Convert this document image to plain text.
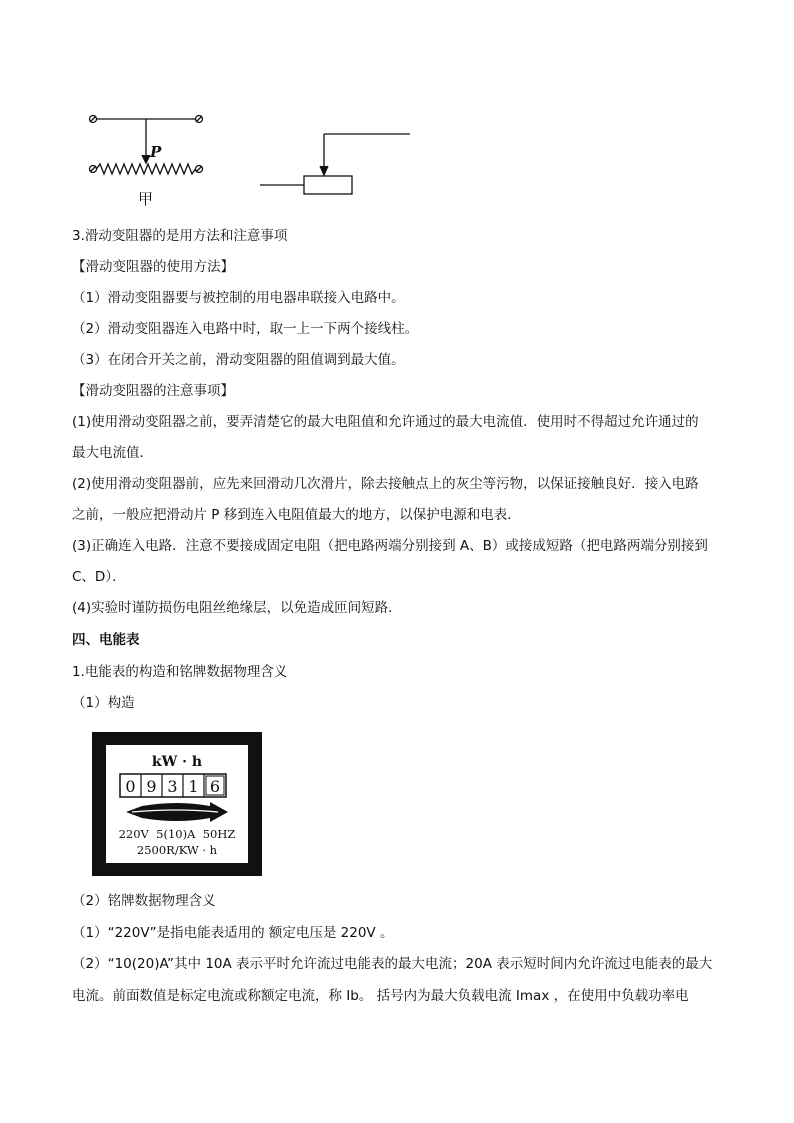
P
甲
3.滑动变阻器的是用方法和注意事项
【滑动变阻器的使用方法】
（1）滑动变阻器要与被控制的用电器串联接入电路中。
（2）滑动变阻器连入电路中时，取一上一下两个接线柱。
（3）在闭合开关之前，滑动变阻器的阻值调到最大值。
【滑动变阻器的注意事项】
(1)使用滑动变阻器之前，要弄清楚它的最大电阻值和允许通过的最大电流值．使用时不得超过允许通过的
最大电流值．
(2)使用滑动变阻器前，应先来回滑动几次滑片，除去接触点上的灰尘等污物，以保证接触良好．接入电路
之前，一般应把滑动片 P 移到连入电阻值最大的地方，以保护电源和电表．
(3)正确连入电路．注意不要接成固定电阻（把电路两端分别接到 A、B）或接成短路（把电路两端分别接到
C、D）．
(4)实验时谨防损伤电阻丝绝缘层，以免造成匝间短路．
四、电能表
1.电能表的构造和铭牌数据物理含义
（1）构造
kW · h
0 9 3 1 6
220V  5(10)A  50HZ
2500R/KW · h
（2）铭牌数据物理含义
（1）“220V”是指电能表适用的 额定电压是 220V 。
（2）“10(20)A”其中 10A 表示平时允许流过电能表的最大电流；20A 表示短时间内允许流过电能表的最大
电流。前面数值是标定电流或称额定电流，称 Ib。 括号内为最大负载电流 Imax ，在使用中负载功率电
